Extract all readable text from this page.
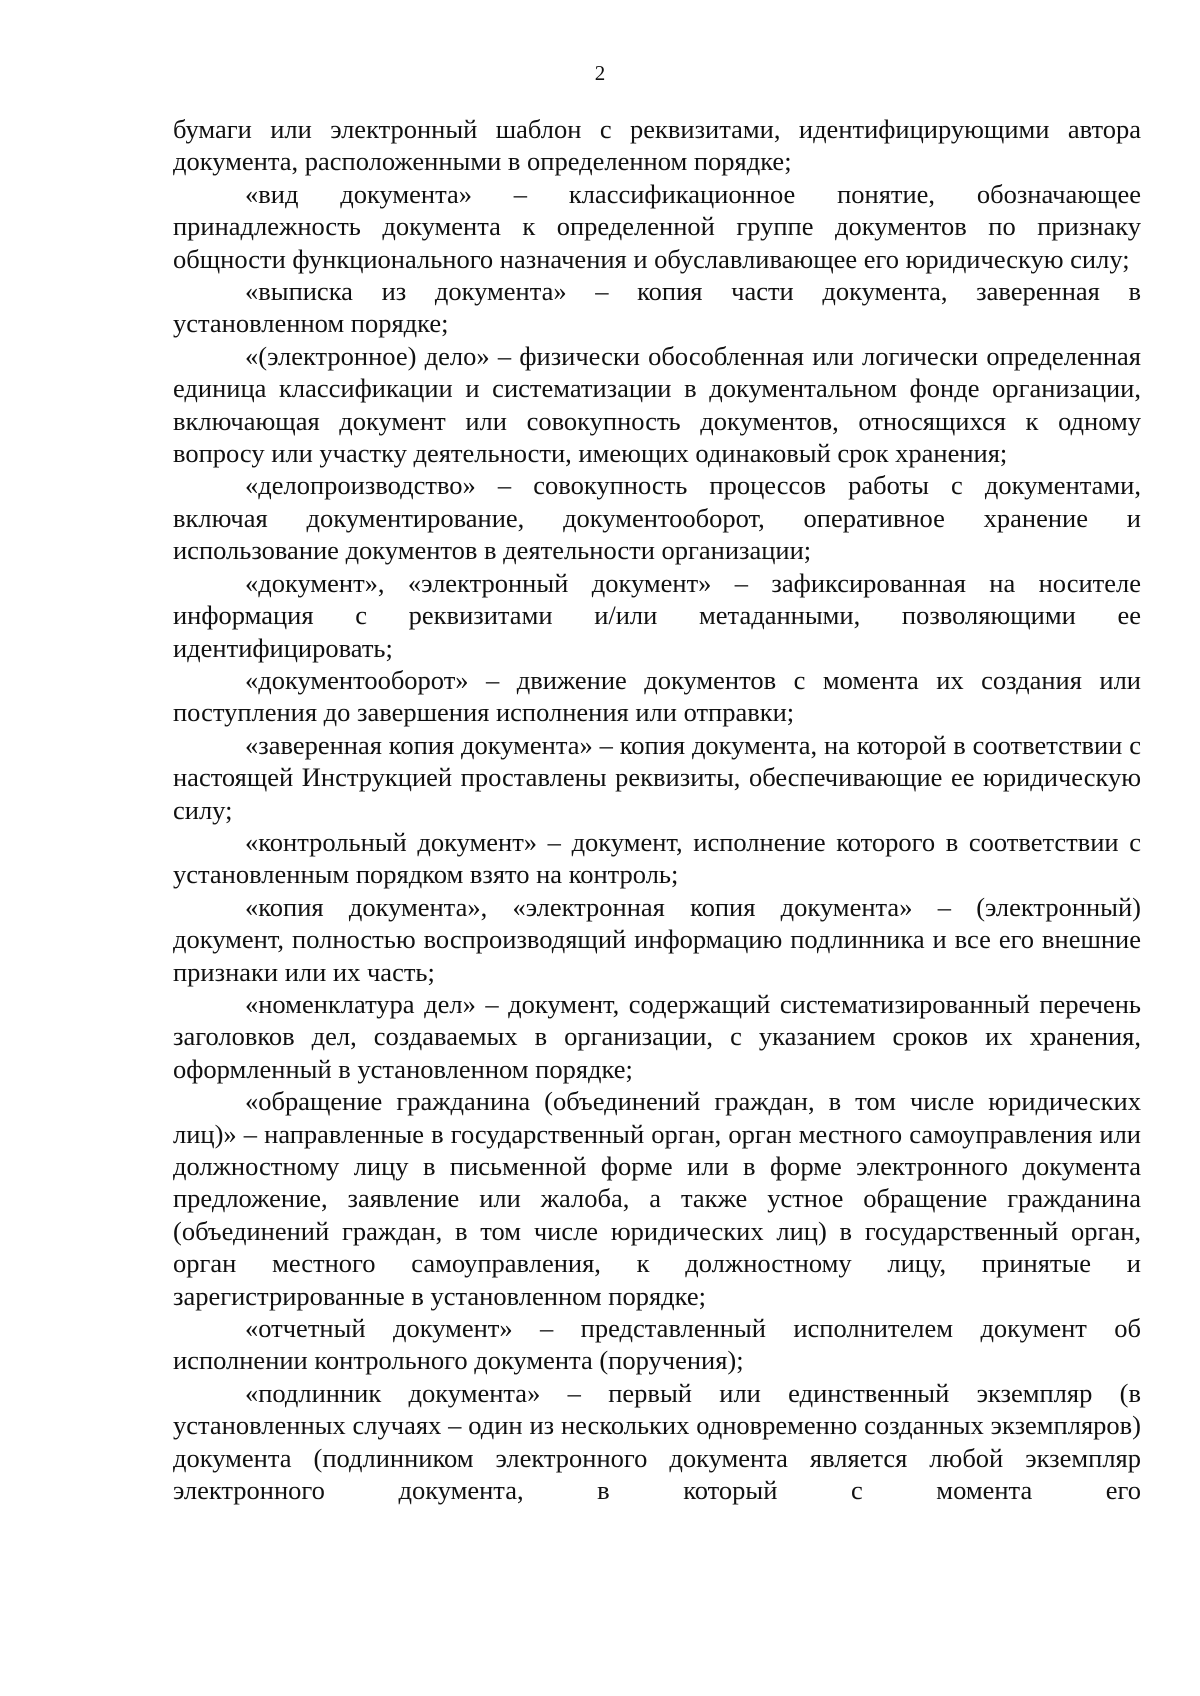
2

бумаги или электронный шаблон с реквизитами, идентифицирующими автора документа, расположенными в определенном порядке;

«вид документа» – классификационное понятие, обозначающее принадлежность документа к определенной группе документов по признаку общности функционального назначения и обуславливающее его юридическую силу;

«выписка из документа» – копия части документа, заверенная в установленном порядке;

«(электронное) дело» – физически обособленная или логически определенная единица классификации и систематизации в документальном фонде организации, включающая документ или совокупность документов, относящихся к одному вопросу или участку деятельности, имеющих одинаковый срок хранения;

«делопроизводство» – совокупность процессов работы с документами, включая документирование, документооборот, оперативное хранение и использование документов в деятельности организации;

«документ», «электронный документ» – зафиксированная на носителе информация с реквизитами и/или метаданными, позволяющими ее идентифицировать;

«документооборот» – движение документов с момента их создания или поступления до завершения исполнения или отправки;

«заверенная копия документа» – копия документа, на которой в соответствии с настоящей Инструкцией проставлены реквизиты, обеспечивающие ее юридическую силу;

«контрольный документ» – документ, исполнение которого в соответствии с установленным порядком взято на контроль;

«копия документа», «электронная копия документа» – (электронный) документ, полностью воспроизводящий информацию подлинника и все его внешние признаки или их часть;

«номенклатура дел» – документ, содержащий систематизированный перечень заголовков дел, создаваемых в организации, с указанием сроков их хранения, оформленный в установленном порядке;

«обращение гражданина (объединений граждан, в том числе юридических лиц)» – направленные в государственный орган, орган местного самоуправления или должностному лицу в письменной форме или в форме электронного документа предложение, заявление или жалоба, а также устное обращение гражданина (объединений граждан, в том числе юридических лиц) в государственный орган, орган местного самоуправления, к должностному лицу, принятые и зарегистрированные в установленном порядке;

«отчетный документ» – представленный исполнителем документ об исполнении контрольного документа (поручения);

«подлинник документа» – первый или единственный экземпляр (в установленных случаях – один из нескольких одновременно созданных экземпляров) документа (подлинником электронного документа является любой экземпляр электронного документа, в который с момента его
